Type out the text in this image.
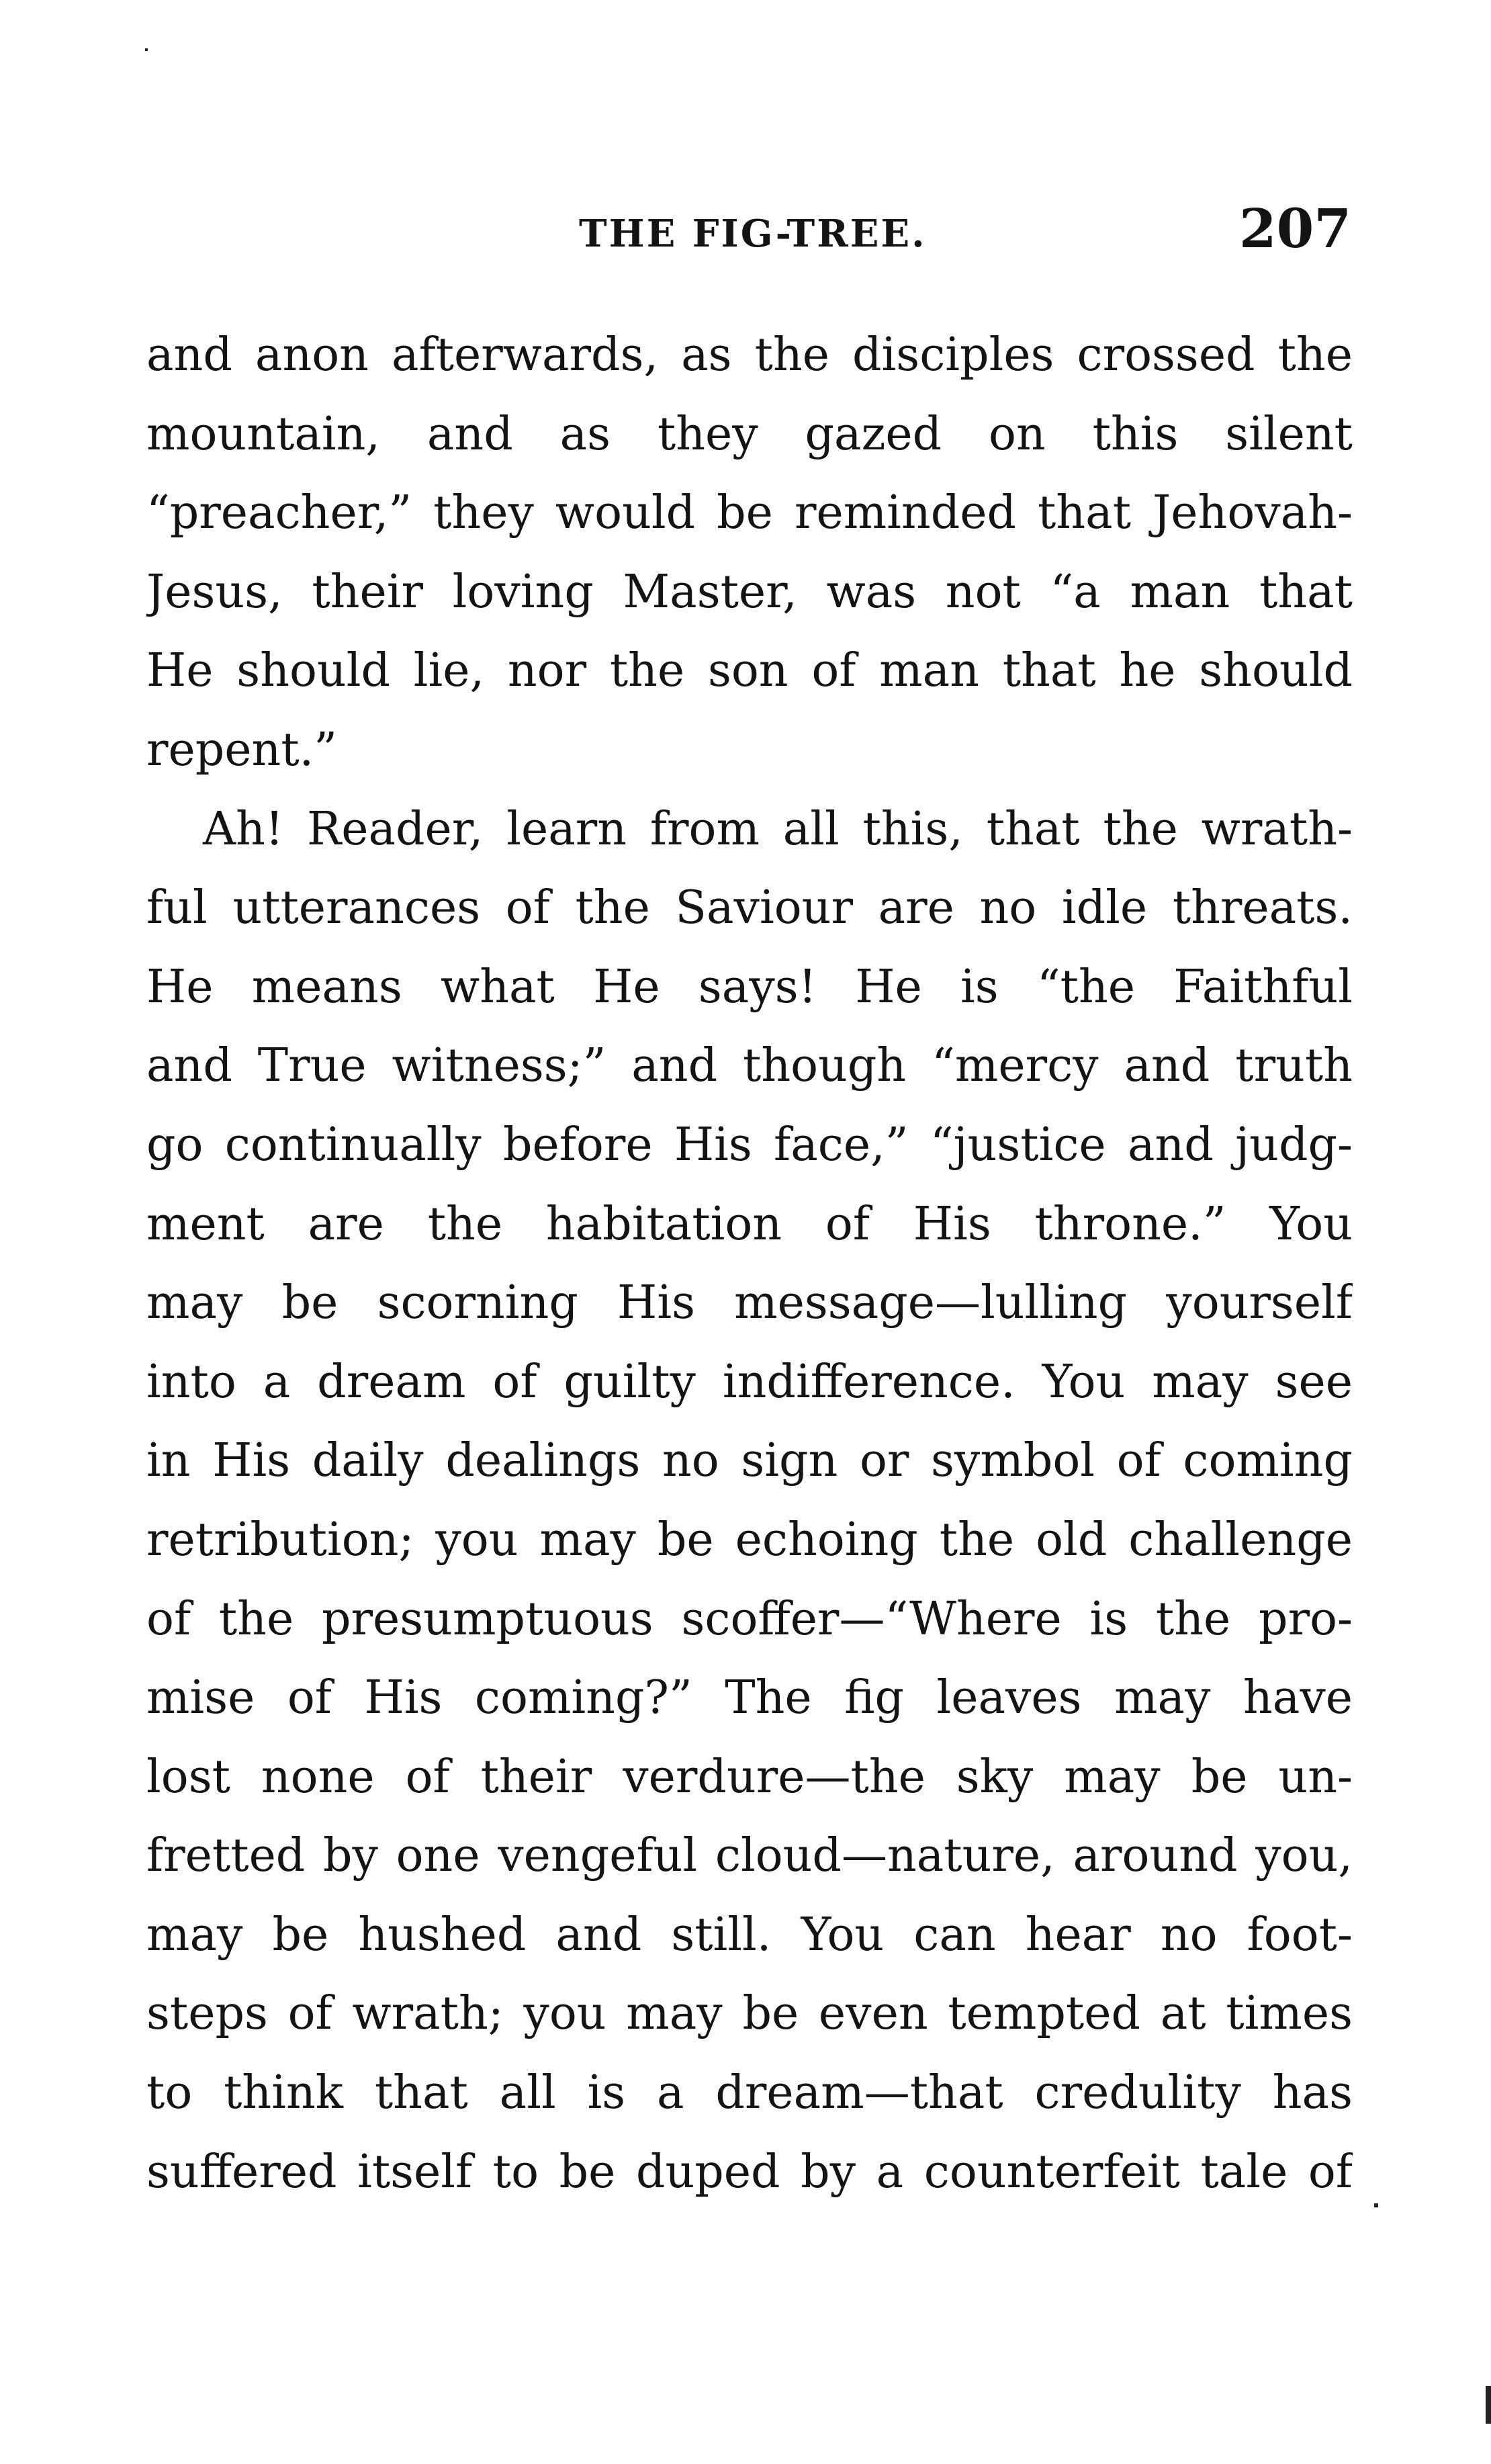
THE FIG-TREE.	207
and anon afterwards, as the disciples crossed the
mountain, and as they gazed on this silent
“preacher,” they would be reminded that Jehovah-
Jesus, their loving Master, was not “a man that
He should lie, nor the son of man that he should
repent.”
Ah! Reader, learn from all this, that the wrath-
ful utterances of the Saviour are no idle threats.
He means what He says! He is “the Faithful
and True witness;” and though “mercy and truth
go continually before His face,” “justice and judg-
ment are the habitation of His throne.” You
may be scorning His message—lulling yourself
into a dream of guilty indifference. You may see
in His daily dealings no sign or symbol of coming
retribution; you may be echoing the old challenge
of the presumptuous scoffer—“Where is the pro-
mise of His coming?” The fig leaves may have
lost none of their verdure—the sky may be un-
fretted by one vengeful cloud—nature, around you,
may be hushed and still. You can hear no foot-
steps of wrath; you may be even tempted at times
to think that all is a dream—that credulity has
suffered itself to be duped by a counterfeit tale of
